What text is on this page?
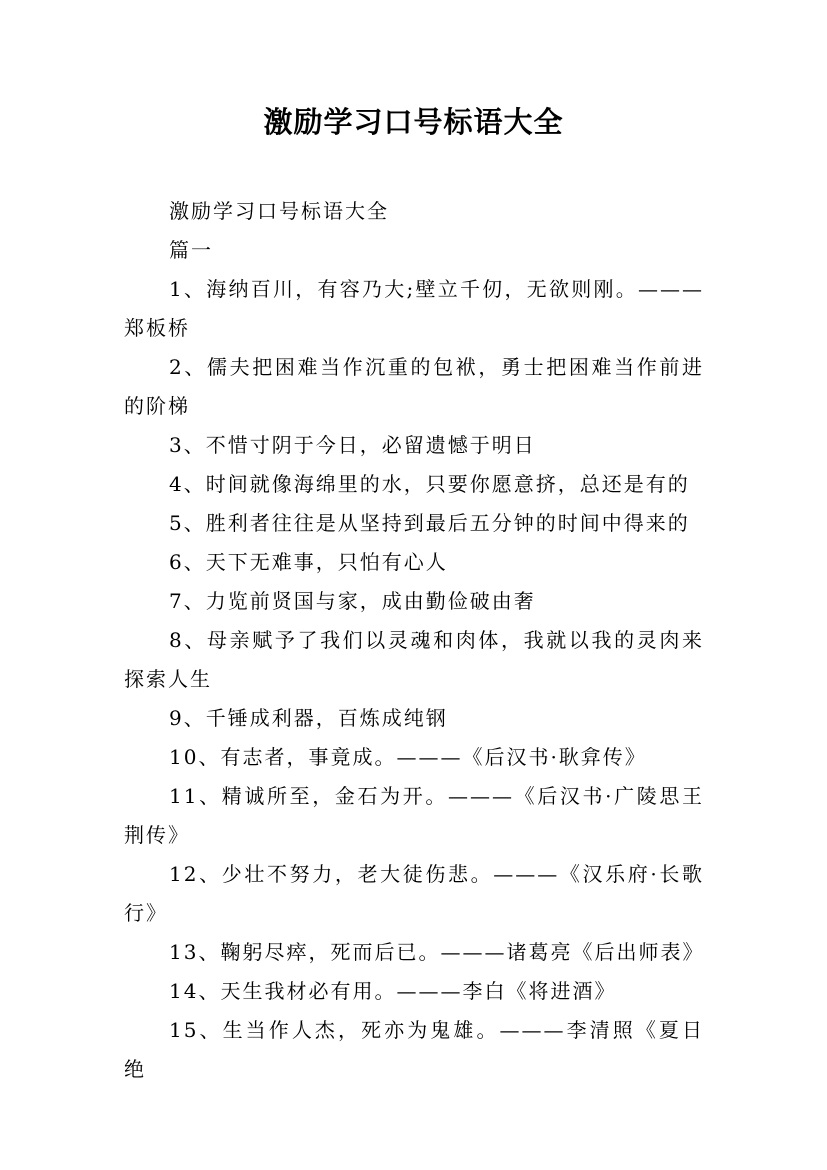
激励学习口号标语大全

激励学习口号标语大全

篇一

1、海纳百川，有容乃大;壁立千仞，无欲则刚。———郑板桥

2、儒夫把困难当作沉重的包袱，勇士把困难当作前进的阶梯

3、不惜寸阴于今日，必留遗憾于明日

4、时间就像海绵里的水，只要你愿意挤，总还是有的

5、胜利者往往是从坚持到最后五分钟的时间中得来的

6、天下无难事，只怕有心人

7、力览前贤国与家，成由勤俭破由奢

8、母亲赋予了我们以灵魂和肉体，我就以我的灵肉来探索人生

9、千锤成利器，百炼成纯钢

10、有志者，事竟成。———《后汉书·耿弇传》

11、精诚所至，金石为开。———《后汉书·广陵思王荆传》

12、少壮不努力，老大徒伤悲。———《汉乐府·长歌行》

13、鞠躬尽瘁，死而后已。———诸葛亮《后出师表》

14、天生我材必有用。———李白《将进酒》

15、生当作人杰，死亦为鬼雄。———李清照《夏日绝
